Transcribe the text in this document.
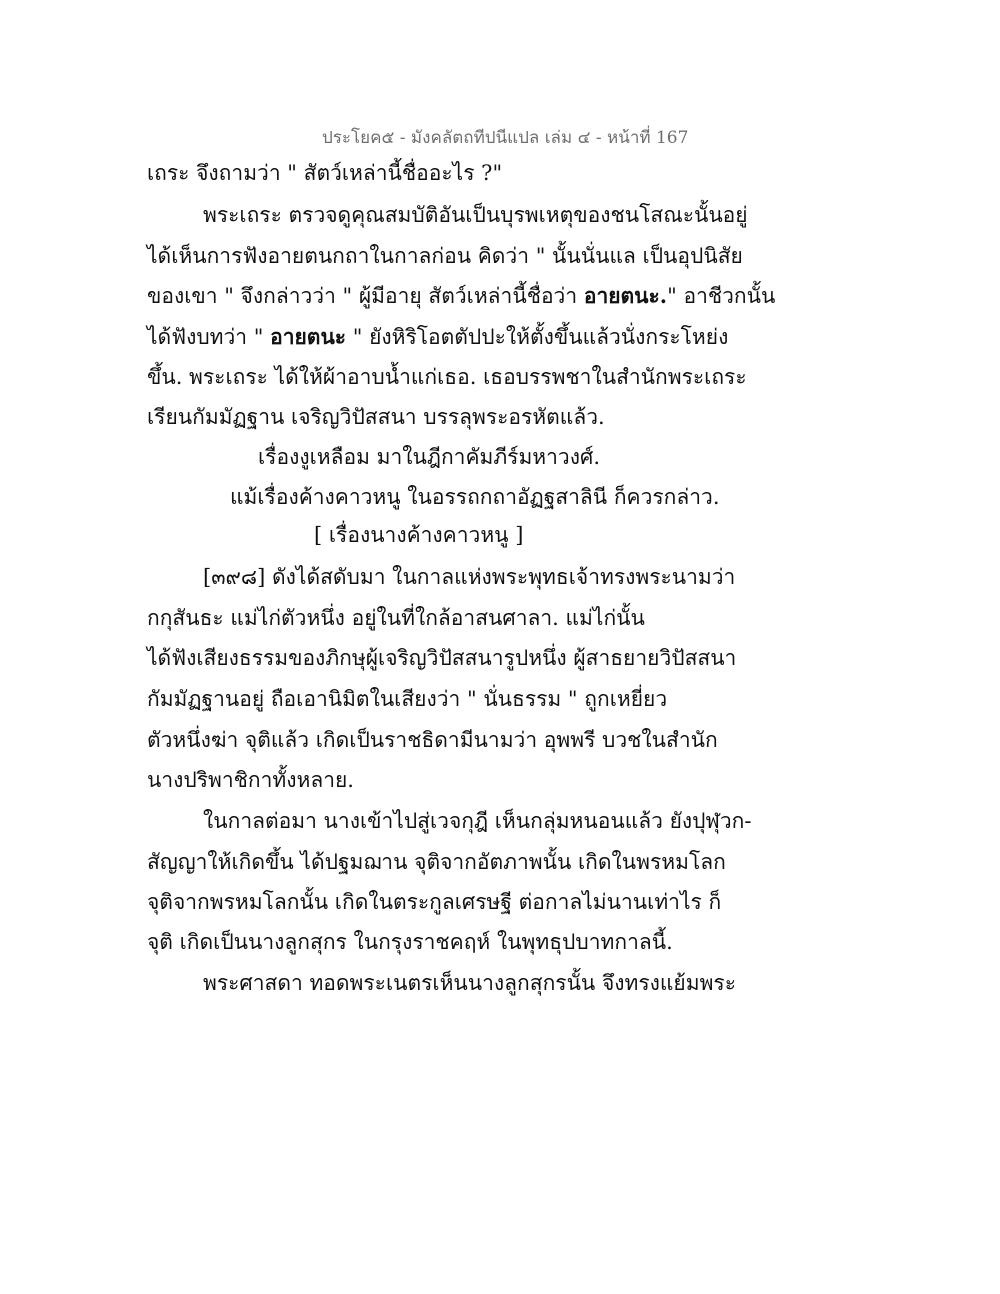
ประโยค๕ - มังคลัตถทีปนีแปล เล่ม ๔ - หน้าที่ 167
เถระ จึงถามว่า " สัตว์เหล่านี้ชื่ออะไร ?"
พระเถระ ตรวจดูคุณสมบัติอันเป็นบุรพเหตุของชนโสณะนั้นอยู่
ได้เห็นการฟังอายตนกถาในกาลก่อน คิดว่า " นั้นนั่นแล เป็นอุปนิสัย
ของเขา " จึงกล่าวว่า " ผู้มีอายุ สัตว์เหล่านี้ชื่อว่า อายตนะ." อาชีวกนั้น
ได้ฟังบทว่า " อายตนะ " ยังหิริโอตตัปปะให้ตั้งขึ้นแล้วนั่งกระโหย่ง
ขึ้น. พระเถระ ได้ให้ผ้าอาบน้ำแก่เธอ. เธอบรรพชาในสำนักพระเถระ
เรียนกัมมัฏฐาน เจริญวิปัสสนา บรรลุพระอรหัตแล้ว.
เรื่องงูเหลือม มาในฎีกาคัมภีร์มหาวงศ์.
แม้เรื่องค้างคาวหนู ในอรรถกถาอัฏฐสาลินี ก็ควรกล่าว.
[ เรื่องนางค้างคาวหนู ]
[๓๙๘] ดังได้สดับมา ในกาลแห่งพระพุทธเจ้าทรงพระนามว่า
กกุสันธะ แม่ไก่ตัวหนึ่ง อยู่ในที่ใกล้อาสนศาลา. แม่ไก่นั้น
ได้ฟังเสียงธรรมของภิกษุผู้เจริญวิปัสสนารูปหนึ่ง ผู้สาธยายวิปัสสนา
กัมมัฏฐานอยู่ ถือเอานิมิตในเสียงว่า " นั่นธรรม " ถูกเหยี่ยว
ตัวหนึ่งฆ่า จุติแล้ว เกิดเป็นราชธิดามีนามว่า อุพพรี บวชในสำนัก
นางปริพาชิกาทั้งหลาย.
ในกาลต่อมา นางเข้าไปสู่เวจกุฎี เห็นกลุ่มหนอนแล้ว ยังปุฬุวก-
สัญญาให้เกิดขึ้น ได้ปฐมฌาน จุติจากอัตภาพนั้น เกิดในพรหมโลก
จุติจากพรหมโลกนั้น เกิดในตระกูลเศรษฐี ต่อกาลไม่นานเท่าไร ก็
จุติ เกิดเป็นนางลูกสุกร ในกรุงราชคฤห์ ในพุทธุปบาทกาลนี้.
พระศาสดา ทอดพระเนตรเห็นนางลูกสุกรนั้น จึงทรงแย้มพระ
